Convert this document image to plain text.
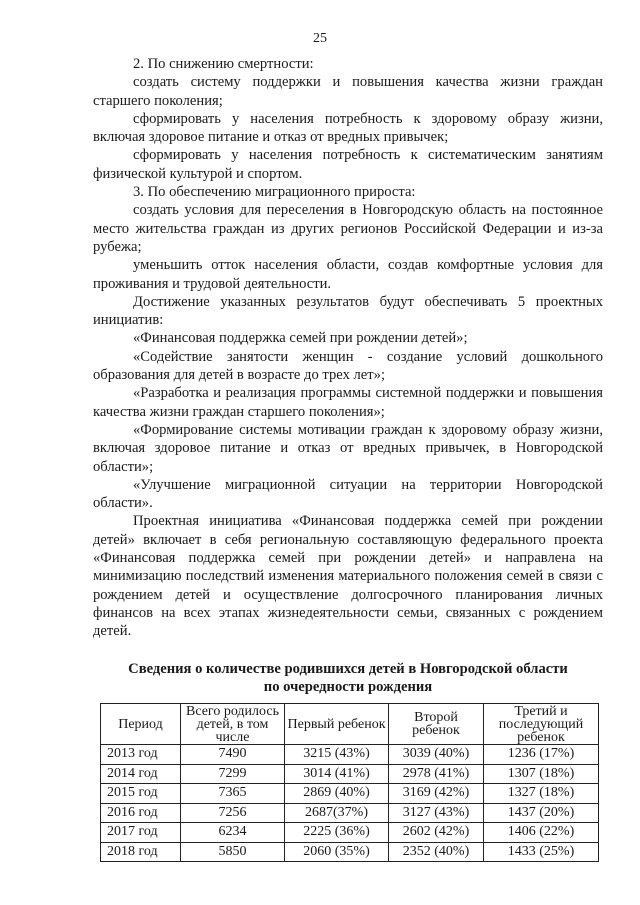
25

2. По снижению смертности:

создать систему поддержки и повышения качества жизни граждан старшего поколения;

сформировать у населения потребность к здоровому образу жизни, включая здоровое питание и отказ от вредных привычек;

сформировать у населения потребность к систематическим занятиям физической культурой и спортом.

3. По обеспечению миграционного прироста:

создать условия для переселения в Новгородскую область на постоянное место жительства граждан из других регионов Российской Федерации и из-за рубежа;

уменьшить отток населения области, создав комфортные условия для проживания и трудовой деятельности.

Достижение указанных результатов будут обеспечивать 5 проектных инициатив:

«Финансовая поддержка семей при рождении детей»;

«Содействие занятости женщин - создание условий дошкольного образования для детей в возрасте до трех лет»;

«Разработка и реализация программы системной поддержки и повышения качества жизни граждан старшего поколения»;

«Формирование системы мотивации граждан к здоровому образу жизни, включая здоровое питание и отказ от вредных привычек, в Новгородской области»;

«Улучшение миграционной ситуации на территории Новгородской области».

Проектная инициатива «Финансовая поддержка семей при рождении детей» включает в себя региональную составляющую федерального проекта «Финансовая поддержка семей при рождении детей» и направлена на минимизацию последствий изменения материального положения семей в связи с рождением детей и осуществление долгосрочного планирования личных финансов на всех этапах жизнедеятельности семьи, связанных с рождением детей.

Сведения о количестве родившихся детей в Новгородской области
по очередности рождения
Период	Всего родилось детей, в том числе	Первый ребенок	Второй ребенок	Третий и последующий ребенок
2013 год	7490	3215 (43%)	3039 (40%)	1236 (17%)
2014 год	7299	3014 (41%)	2978 (41%)	1307 (18%)
2015 год	7365	2869 (40%)	3169 (42%)	1327 (18%)
2016 год	7256	2687(37%)	3127 (43%)	1437 (20%)
2017 год	6234	2225 (36%)	2602 (42%)	1406 (22%)
2018 год	5850	2060 (35%)	2352 (40%)	1433 (25%)
